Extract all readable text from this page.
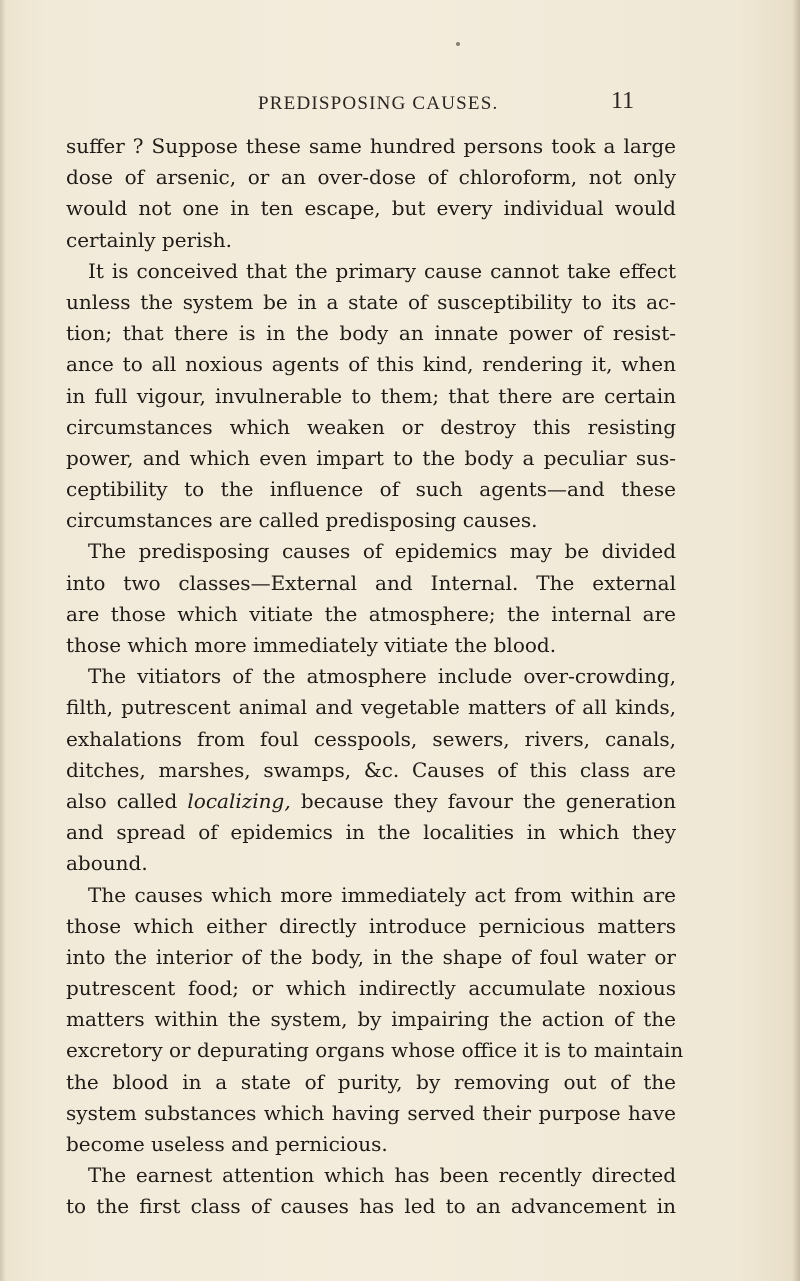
PREDISPOSING CAUSES.	11
suffer ? Suppose these same hundred persons took a large
dose of arsenic, or an over-dose of chloroform, not only
would not one in ten escape, but every individual would
certainly perish.
It is conceived that the primary cause cannot take effect
unless the system be in a state of susceptibility to its ac-
tion; that there is in the body an innate power of resist-
ance to all noxious agents of this kind, rendering it, when
in full vigour, invulnerable to them; that there are certain
circumstances which weaken or destroy this resisting
power, and which even impart to the body a peculiar sus-
ceptibility to the influence of such agents—and these
circumstances are called predisposing causes.
The predisposing causes of epidemics may be divided
into two classes—External and Internal. The external
are those which vitiate the atmosphere; the internal are
those which more immediately vitiate the blood.
The vitiators of the atmosphere include over-crowding,
filth, putrescent animal and vegetable matters of all kinds,
exhalations from foul cesspools, sewers, rivers, canals,
ditches, marshes, swamps, &c. Causes of this class are
also called localizing, because they favour the generation
and spread of epidemics in the localities in which they
abound.
The causes which more immediately act from within are
those which either directly introduce pernicious matters
into the interior of the body, in the shape of foul water or
putrescent food; or which indirectly accumulate noxious
matters within the system, by impairing the action of the
excretory or depurating organs whose office it is to maintain
the blood in a state of purity, by removing out of the
system substances which having served their purpose have
become useless and pernicious.
The earnest attention which has been recently directed
to the first class of causes has led to an advancement in
